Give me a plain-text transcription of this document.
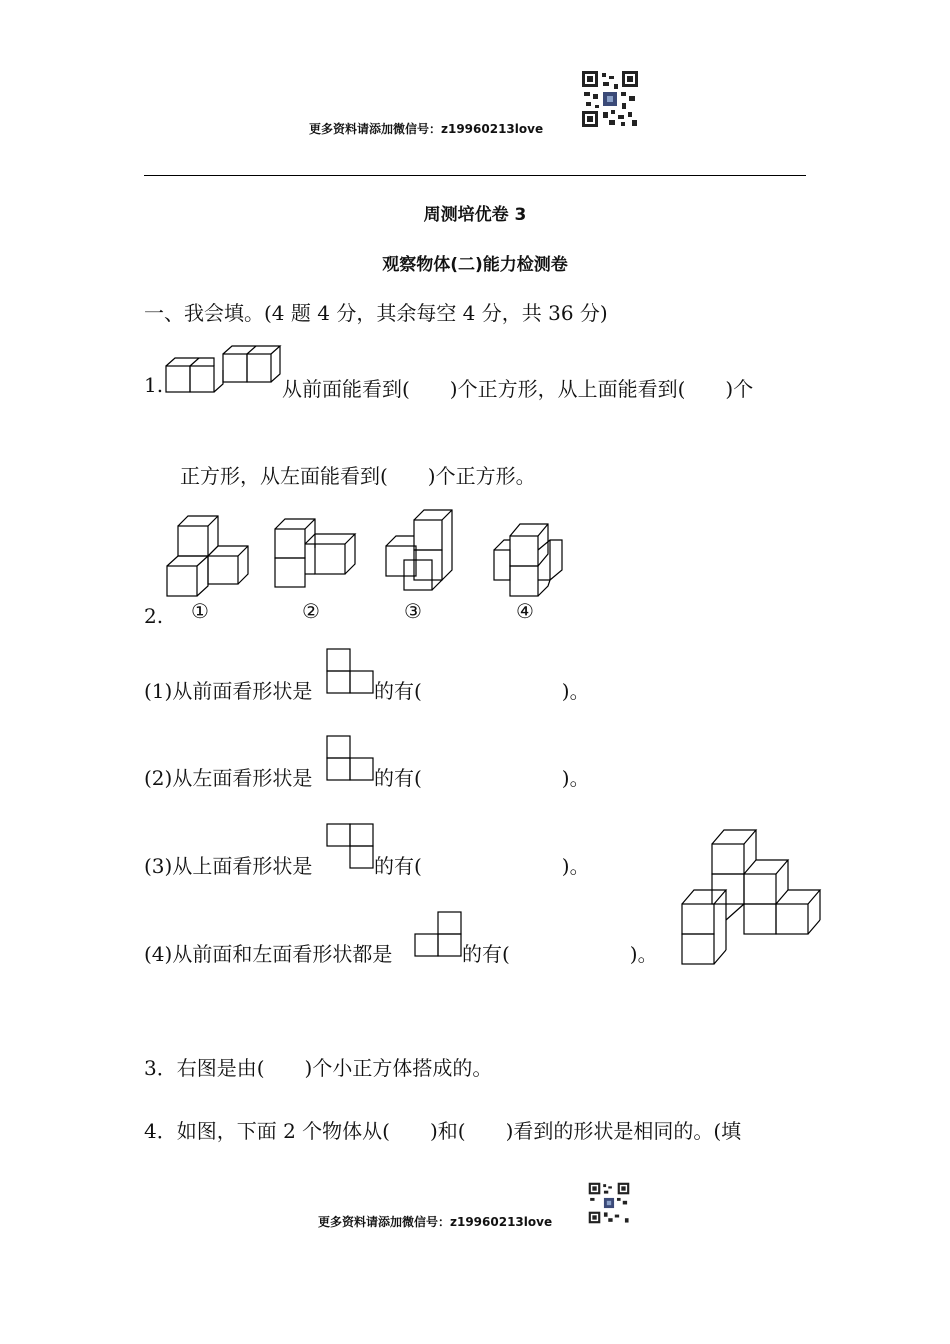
更多资料请添加微信号：z19960213love
周测培优卷 3
观察物体(二)能力检测卷
一、我会填。(4 题 4 分，其余每空 4 分，共 36 分)
1.	从前面能看到(　　)个正方形，从上面能看到(　　)个
正方形，从左面能看到(　　)个正方形。
2. ①	②	③	④
(1)从前面看形状是	的有(　　　　　　　)。
(2)从左面看形状是	的有(　　　　　　　)。
(3)从上面看形状是	的有(　　　　　　　)。
(4)从前面和左面看形状都是	的有(　　　　　　)。
3．右图是由(　　)个小正方体搭成的。
4．如图，下面 2 个物体从(　　)和(　　)看到的形状是相同的。(填
更多资料请添加微信号：z19960213love
